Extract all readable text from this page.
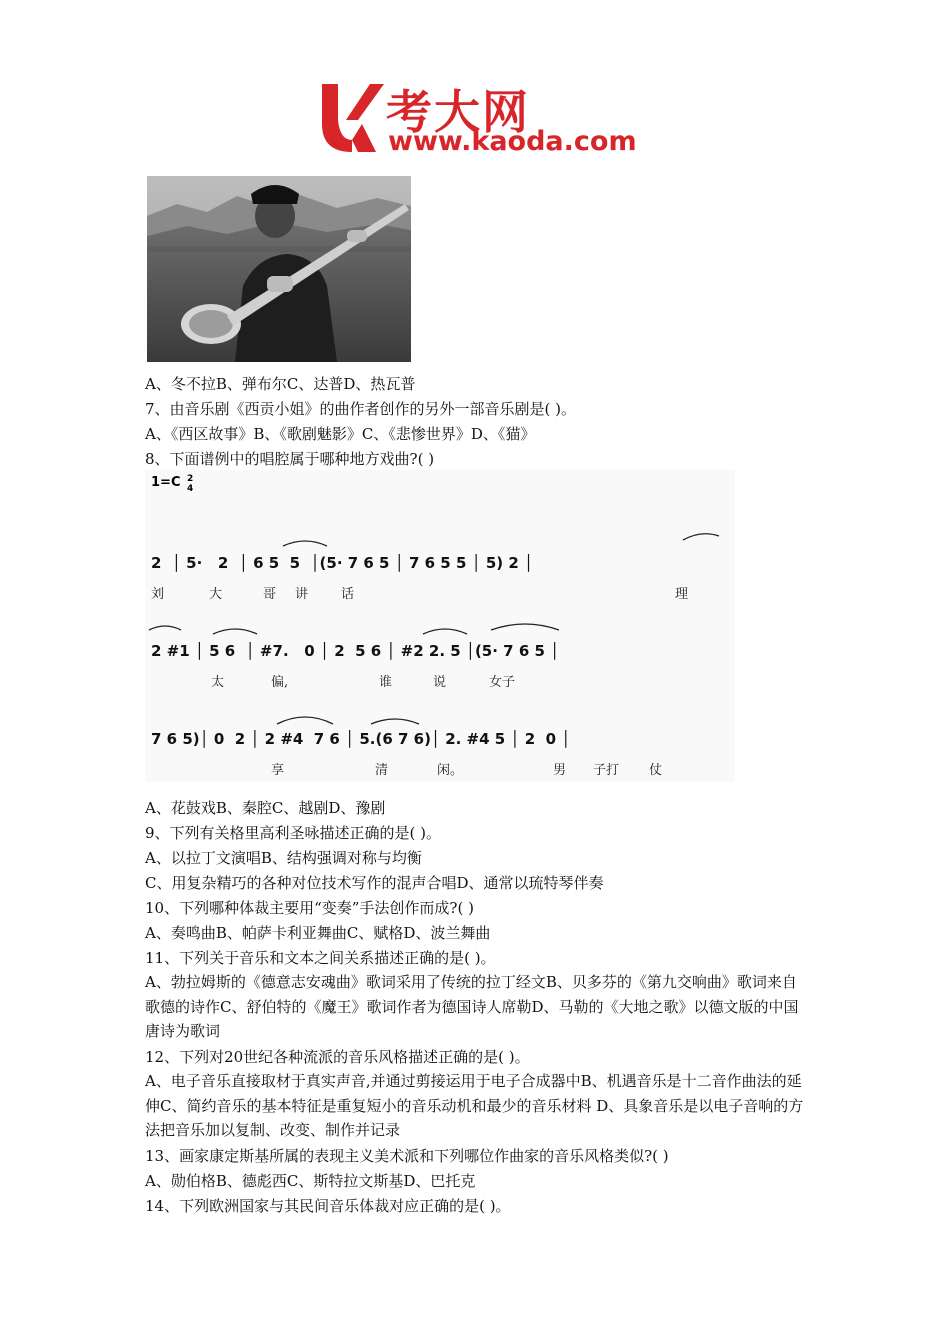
考大网
www.kaoda.com
A、冬不拉B、弹布尔C、达普D、热瓦普
7、由音乐剧《西贡小姐》的曲作者创作的另外一部音乐剧是( )。
A、《西区故事》B、《歌剧魅影》C、《悲惨世界》D、《猫》
8、下面谱例中的唱腔属于哪种地方戏曲?( )
1=C 2
4
2  │ 5·   2  │ 6 5  5  │(5· 7 6 5 │ 7 6 5 5 │ 5) 2 │
刘	大	哥 讲	话	理
2 #1 │ 5 6  │ #7.   0 │ 2  5 6 │ #2 2. 5 │(5· 7 6 5 │
太	偏,	谁	说	女子
7 6 5)│ 0  2 │ 2 #4  7 6 │ 5.(6 7 6)│ 2. #4 5 │ 2  0 │
享	清	闲。	男 子打 仗
A、花鼓戏B、秦腔C、越剧D、豫剧
9、下列有关格里高利圣咏描述正确的是( )。
A、以拉丁文演唱B、结构强调对称与均衡
C、用复杂精巧的各种对位技术写作的混声合唱D、通常以琉特琴伴奏
10、下列哪种体裁主要用“变奏”手法创作而成?( )
A、奏鸣曲B、帕萨卡利亚舞曲C、赋格D、波兰舞曲
11、下列关于音乐和文本之间关系描述正确的是( )。
A、勃拉姆斯的《德意志安魂曲》歌词采用了传统的拉丁经文B、贝多芬的《第九交响曲》歌词来自歌德的诗作C、舒伯特的《魔王》歌词作者为德国诗人席勒D、马勒的《大地之歌》以德文版的中国唐诗为歌词
12、下列对20世纪各种流派的音乐风格描述正确的是( )。
A、电子音乐直接取材于真实声音,并通过剪接运用于电子合成器中B、机遇音乐是十二音作曲法的延伸C、简约音乐的基本特征是重复短小的音乐动机和最少的音乐材料 D、具象音乐是以电子音响的方法把音乐加以复制、改变、制作并记录
13、画家康定斯基所属的表现主义美术派和下列哪位作曲家的音乐风格类似?( )
A、勋伯格B、德彪西C、斯特拉文斯基D、巴托克
14、下列欧洲国家与其民间音乐体裁对应正确的是( )。
